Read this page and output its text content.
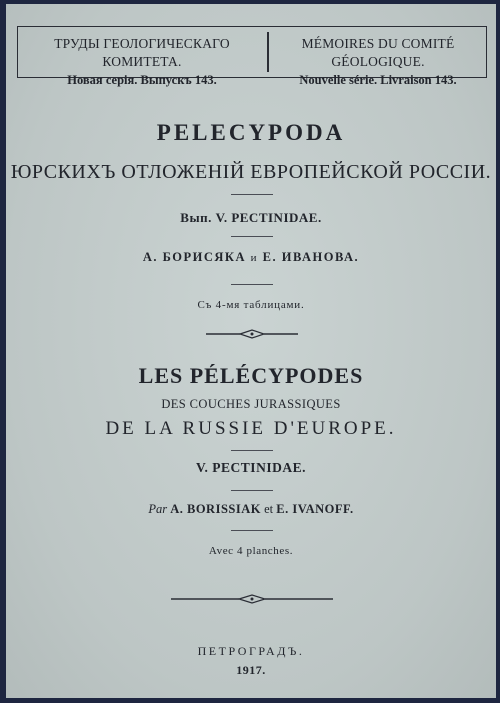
ТРУДЫ ГЕОЛОГИЧЕСКАГО КОМИТЕТА.
Новая серія. Выпускъ 143.
MÉMOIRES DU COMITÉ GÉOLOGIQUE.
Nouvelle série. Livraison 143.
PELECYPODA
ЮРСКИХЪ ОТЛОЖЕНІЙ ЕВРОПЕЙСКОЙ РОССІИ.
Вып. V. PECTINIDAE.
А. БОРИСЯКА и Е. ИВАНОВА.
Съ 4-мя таблицами.
LES PÉLÉCYPODES
DES COUCHES JURASSIQUES
DE LA RUSSIE D'EUROPE.
V. PECTINIDAE.
Par A. BORISSIAK et E. IVANOFF.
Avec 4 planches.
ПЕТРОГРАДЪ.
1917.
